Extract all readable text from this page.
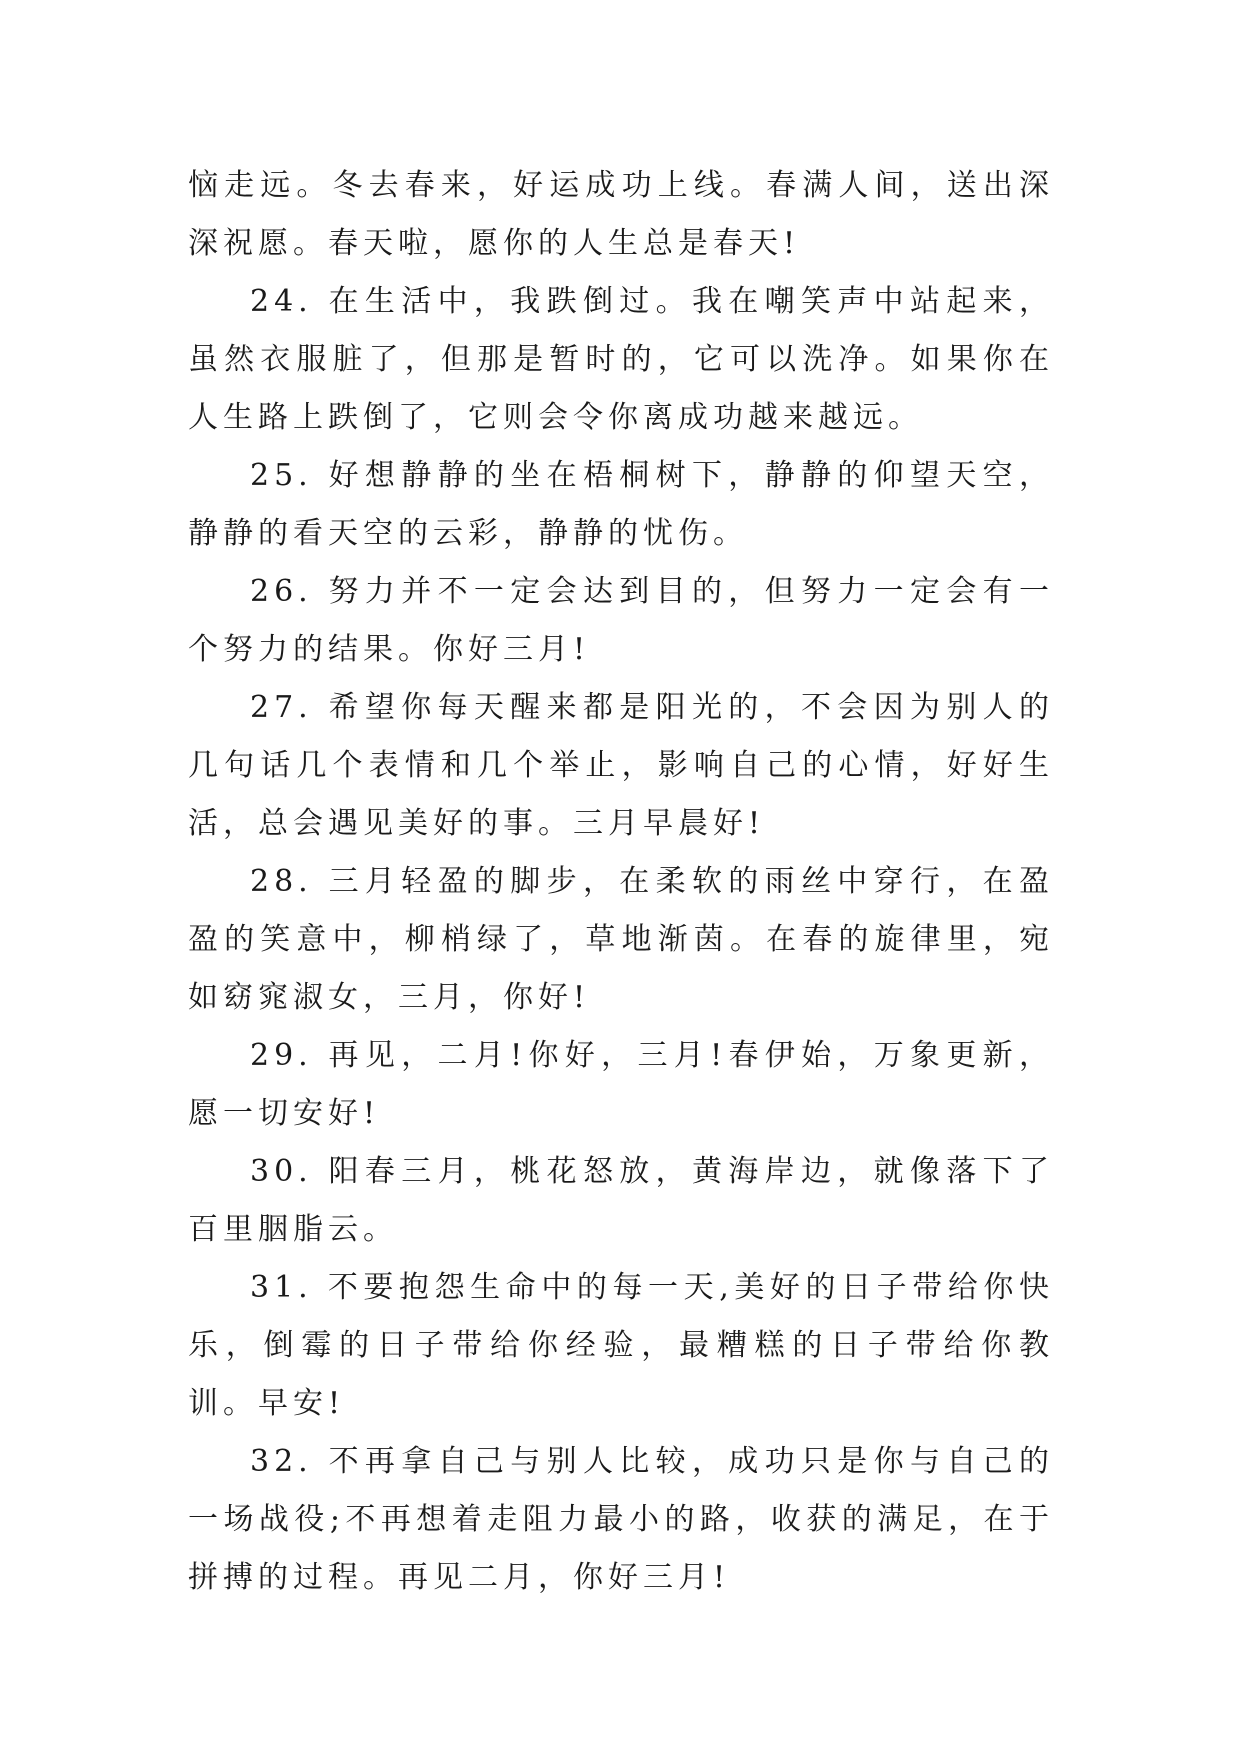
恼走远。冬去春来，好运成功上线。春满人间，送出深深祝愿。春天啦，愿你的人生总是春天!

24. 在生活中，我跌倒过。我在嘲笑声中站起来，虽然衣服脏了，但那是暂时的，它可以洗净。如果你在人生路上跌倒了，它则会令你离成功越来越远。

25. 好想静静的坐在梧桐树下，静静的仰望天空，静静的看天空的云彩，静静的忧伤。

26. 努力并不一定会达到目的，但努力一定会有一个努力的结果。你好三月!

27. 希望你每天醒来都是阳光的，不会因为别人的几句话几个表情和几个举止，影响自己的心情，好好生活，总会遇见美好的事。三月早晨好!

28. 三月轻盈的脚步，在柔软的雨丝中穿行，在盈盈的笑意中，柳梢绿了，草地渐茵。在春的旋律里，宛如窈窕淑女，三月，你好!

29. 再见，二月!你好，三月!春伊始，万象更新，愿一切安好!

30. 阳春三月，桃花怒放，黄海岸边，就像落下了百里胭脂云。

31. 不要抱怨生命中的每一天,美好的日子带给你快乐，倒霉的日子带给你经验，最糟糕的日子带给你教训。早安!

32. 不再拿自己与别人比较，成功只是你与自己的一场战役;不再想着走阻力最小的路，收获的满足，在于拼搏的过程。再见二月，你好三月!
